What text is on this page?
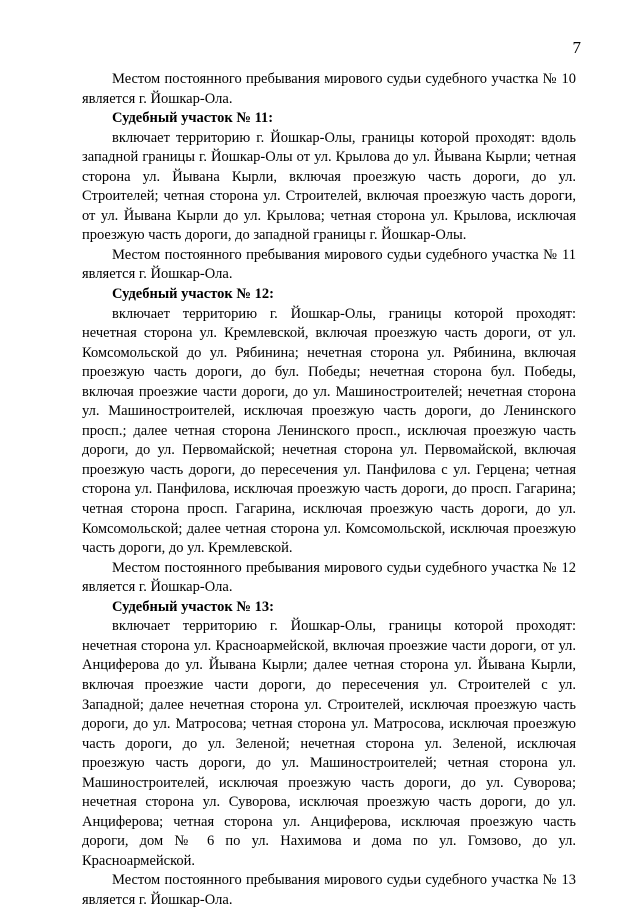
7

Местом постоянного пребывания мирового судьи судебного участка № 10 является г. Йошкар-Ола.

Судебный участок № 11:

включает территорию г. Йошкар-Олы, границы которой проходят: вдоль западной границы г. Йошкар-Олы от ул. Крылова до ул. Йывана Кырли; четная сторона ул. Йывана Кырли, включая проезжую часть дороги, до ул. Строителей; четная сторона ул. Строителей, включая проезжую часть дороги, от ул. Йывана Кырли до ул. Крылова; четная сторона ул. Крылова, исключая проезжую часть дороги, до западной границы г. Йошкар-Олы.

Местом постоянного пребывания мирового судьи судебного участка № 11 является г. Йошкар-Ола.

Судебный участок № 12:

включает территорию г. Йошкар-Олы, границы которой проходят: нечетная сторона ул. Кремлевской, включая проезжую часть дороги, от ул. Комсомольской до ул. Рябинина; нечетная сторона ул. Рябинина, включая проезжую часть дороги, до бул. Победы; нечетная сторона бул. Победы, включая проезжие части дороги, до ул. Машиностроителей; нечетная сторона ул. Машиностроителей, исключая проезжую часть дороги, до Ленинского просп.; далее четная сторона Ленинского просп., исключая проезжую часть дороги, до ул. Первомайской; нечетная сторона ул. Первомайской, включая проезжую часть дороги, до пересечения ул. Панфилова с ул. Герцена; четная сторона ул. Панфилова, исключая проезжую часть дороги, до просп. Гагарина; четная сторона просп. Гагарина, исключая проезжую часть дороги, до ул. Комсомольской; далее четная сторона ул. Комсомольской, исключая проезжую часть дороги, до ул. Кремлевской.

Местом постоянного пребывания мирового судьи судебного участка № 12 является г. Йошкар-Ола.

Судебный участок № 13:

включает территорию г. Йошкар-Олы, границы которой проходят: нечетная сторона ул. Красноармейской, включая проезжие части дороги, от ул. Анциферова до ул. Йывана Кырли; далее четная сторона ул. Йывана Кырли, включая проезжие части дороги, до пересечения ул. Строителей с ул. Западной; далее нечетная сторона ул. Строителей, исключая проезжую часть дороги, до ул. Матросова; четная сторона ул. Матросова, исключая проезжую часть дороги, до ул. Зеленой; нечетная сторона ул. Зеленой, исключая проезжую часть дороги, до ул. Машиностроителей; четная сторона ул. Машиностроителей, исключая проезжую часть дороги, до ул. Суворова; нечетная сторона ул. Суворова, исключая проезжую часть дороги, до ул. Анциферова; четная сторона ул. Анциферова, исключая проезжую часть дороги, дом № 6 по ул. Нахимова и дома по ул. Гомзово, до ул. Красноармейской.

Местом постоянного пребывания мирового судьи судебного участка № 13 является г. Йошкар-Ола.
